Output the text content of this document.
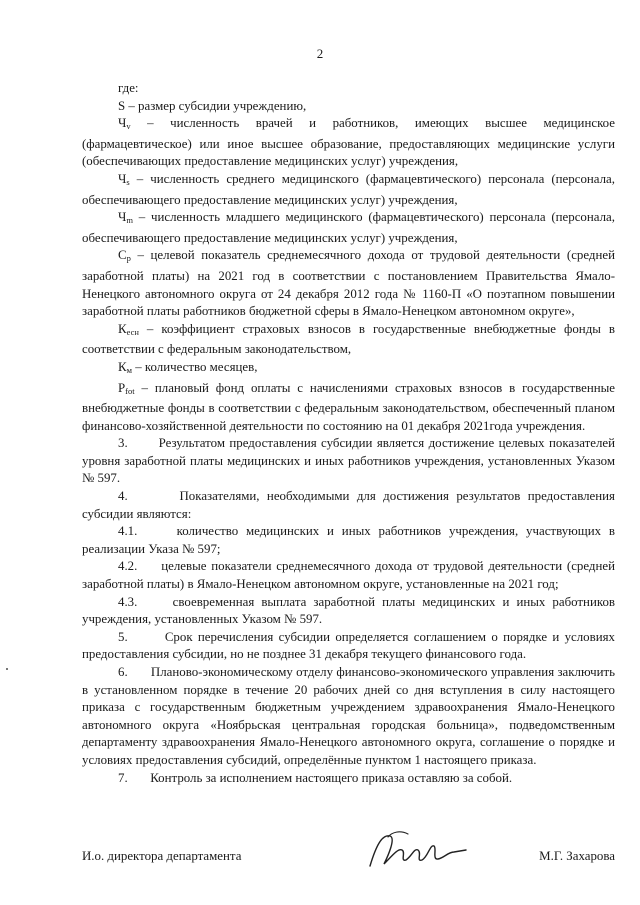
2

где:

S – размер субсидии учреждению,

$Ч_v$ – численность врачей и работников, имеющих высшее медицинское (фармацевтическое) или иное высшее образование, предоставляющих медицинские услуги (обеспечивающих предоставление медицинских услуг) учреждения,

$Ч_s$ – численность среднего медицинского (фармацевтического) персонала (персонала, обеспечивающего предоставление медицинских услуг) учреждения,

$Ч_m$ – численность младшего медицинского (фармацевтического) персонала (персонала, обеспечивающего предоставление медицинских услуг) учреждения,

$С_р$ – целевой показатель среднемесячного дохода от трудовой деятельности (средней заработной платы) на 2021 год в соответствии с постановлением Правительства Ямало-Ненецкого автономного округа от 24 декабря 2012 года № 1160-П «О поэтапном повышении заработной платы работников бюджетной сферы в Ямало-Ненецком автономном округе»,

$К_{есн}$ – коэффициент страховых взносов в государственные внебюджетные фонды в соответствии с федеральным законодательством,

$К_м$ – количество месяцев,

$Р_{fot}$ – плановый фонд оплаты с начислениями страховых взносов в государственные внебюджетные фонды в соответствии с федеральным законодательством, обеспеченный планом финансово-хозяйственной деятельности по состоянию на 01 декабря 2021года учреждения.

3.       Результатом предоставления субсидии является достижение целевых показателей уровня заработной платы медицинских и иных работников учреждения, установленных Указом № 597.

4.       Показателями, необходимыми для достижения результатов предоставления субсидии являются:

4.1.     количество медицинских и иных работников учреждения, участвующих в реализации Указа № 597;

4.2.     целевые показатели среднемесячного дохода от трудовой деятельности (средней заработной платы) в Ямало-Ненецком автономном округе, установленные на 2021 год;

4.3.     своевременная выплата заработной платы медицинских и иных работников учреждения, установленных Указом № 597.

5.       Срок перечисления субсидии определяется соглашением о порядке и условиях предоставления субсидии, но не позднее 31 декабря текущего финансового года.

6.       Планово-экономическому отделу финансово-экономического управления заключить в установленном порядке в течение 20 рабочих дней со дня вступления в силу настоящего приказа с государственным бюджетным учреждением здравоохранения Ямало-Ненецкого автономного округа «Ноябрьская центральная городская больница», подведомственным департаменту здравоохранения Ямало-Ненецкого автономного округа, соглашение о порядке и условиях предоставления субсидий, определённые пунктом 1 настоящего приказа.

7.       Контроль за исполнением настоящего приказа оставляю за собой.

И.о. директора департамента	М.Г. Захарова
